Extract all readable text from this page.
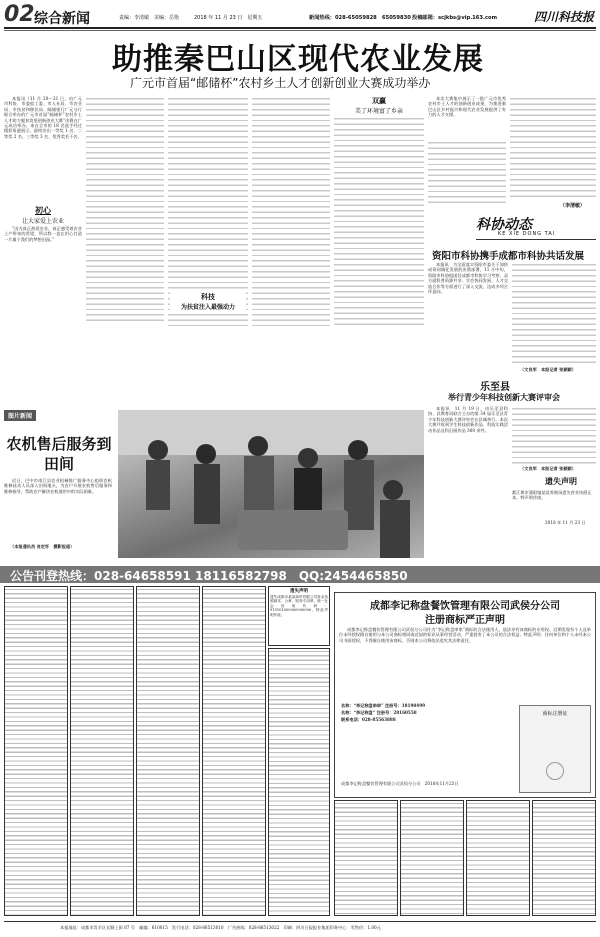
02 综合新闻	责编：李清敏　美编：岳艳	2018 年 11 月 23 日　星期五	新闻热线：028-65059828　65059830 投稿邮箱：scjkbs@vip.163.com	四川科技报
助推秦巴山区现代农业发展
广元市首届“邮储杯”农村乡土人才创新创业大赛成功举办

本报讯（11 月 20～21 日，由广元市科协、市委组工委、市人社局、市农业局、市扶贫和移民局、邮储银行广元分行联合举办的广元市首届“邮储杯”农村乡土人才助力脱贫攻坚创新创业大赛”决赛在广元成功举办。来自全市的 18 名选手经过精彩角逐展示，最终决出一等奖 1 名、二等奖 2 名、三等奖 3 名、优秀奖若干名。

初心
让大家爱上农业

“因为真正热爱农业，真正感受着农业土产带来的希望，所以我一直在用心打造一片属于我们的梦想田园。”

科技
为扶贫注入最强动力
双赢
美了环境富了乡亲

本次大赛集中展示了一批广元市优秀农村乡土人才的创新创业成果，为推进秦巴山区乡村振兴和现代农业发展提供了有力的人才支撑。

（李清敏）
科协动态
KE XIE DONG TAI
资阳市科协携手成都市科协共话发展

本报讯　为全面落实资阳市委关于加快成资同城化发展的决策部署，11 月中旬，资阳市科协组团赴成都市科协学习考察，双方就科普资源共享、学会协同发展、人才交流合作等方面进行了深入交流，达成多项合作意向。

（文良军　本报记者 张颖颖）
乐至县
举行青少年科技创新大赛评审会

本报讯　11 月 19 日，由乐至县科协、县教育局联合主办的第 34 届乐至县青少年科技创新大赛评审会在县城举行。本次大赛共收到学生科技创新作品、科技实践活动作品及科幻画作品 300 余件。

（文良军　本报记者 张颖颖）
遗失声明
都江堰市蒲阳镇某某养殖场遗失营业执照正本，特声明作废。
2018 年 11 月 23 日
图片新闻
农机售后服务到田间

近日，巴中市南江县农业机械推广服务中心组织农机维修技术人员深入田间地头，为农户开展农机售后服务和维修指导，帮助农户解决农机使用中的实际困难。

（本报通讯员 肖定怀　摄影报道）
公告刊登热线：028-64658591 18116582798　QQ:2454465850
遗失声明
遗失成都市某某商贸有限公司营业执照副本、公章、财务专用章，统一社会信用代码：915101000000000000，特此声明作废。
成都李记称盘餐饮管理有限公司武侯分公司
注册商标严正声明
成都李记称盘餐饮管理有限公司武侯分公司作为“李记称盘串串”商标的合法使用人，依法享有该商标的专用权。近期发现有个人及单位未经授权擅自使用与本公司商标相同或近似的标识从事经营活动，严重侵害了本公司的合法权益。特此声明：任何单位和个人未经本公司书面授权，不得擅自使用该商标，否则本公司将依法追究其法律责任。
名称：“李记称盘串串” 注册号：18190499
名称：“李记称盘” 注册号：28160558
联系电话：028-85563888
商标注册证
成都李记称盘餐饮管理有限公司武侯分公司　2018年11月23日
本报地址：成都市青羊区长顺上街 87 号　邮编：610015　发行电话：028-86513010　广告热线：028-86513022　印刷：四川日报报业集团印务中心　零售价：1.00元
